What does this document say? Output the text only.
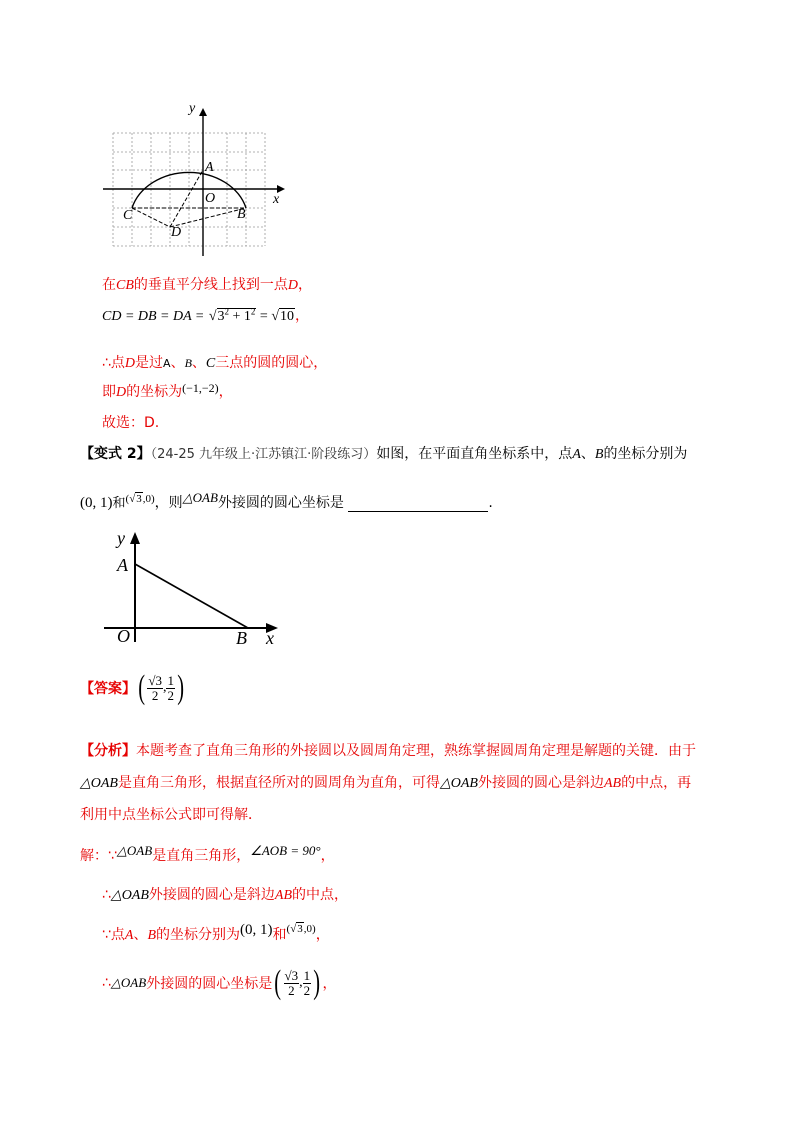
y
x
A
O
B
C
D
在CB的垂直平分线上找到一点D，
CD = DB = DA = $√3^2 + 1^2 = √10$，
∴点D是过A、B、C三点的圆的圆心，
即D的坐标为(−1,−2)，
故选：D.
【变式 2】（24-25 九年级上·江苏镇江·阶段练习）如图，在平面直角坐标系中，点A、B的坐标分别为
(0, 1)和$^{(√3,0)}$，则△OAB外接圆的圆心坐标是	.
y
A
O	B x
【答案】( $\frac{√3}{2}$ , $\frac{1}{2}$ )
【分析】本题考查了直角三角形的外接圆以及圆周角定理，熟练掌握圆周角定理是解题的关键．由于
△OAB是直角三角形，根据直径所对的圆周角为直角，可得△OAB外接圆的圆心是斜边AB的中点，再
利用中点坐标公式即可得解．
解：∵△OAB是直角三角形，∠AOB = 90°，
∴△OAB外接圆的圆心是斜边AB的中点，
∵点A、B的坐标分别为(0, 1)和$^{(√3,0)}$，
∴△OAB外接圆的圆心坐标是( $\frac{√3}{2}$ , $\frac{1}{2}$ ) ，
